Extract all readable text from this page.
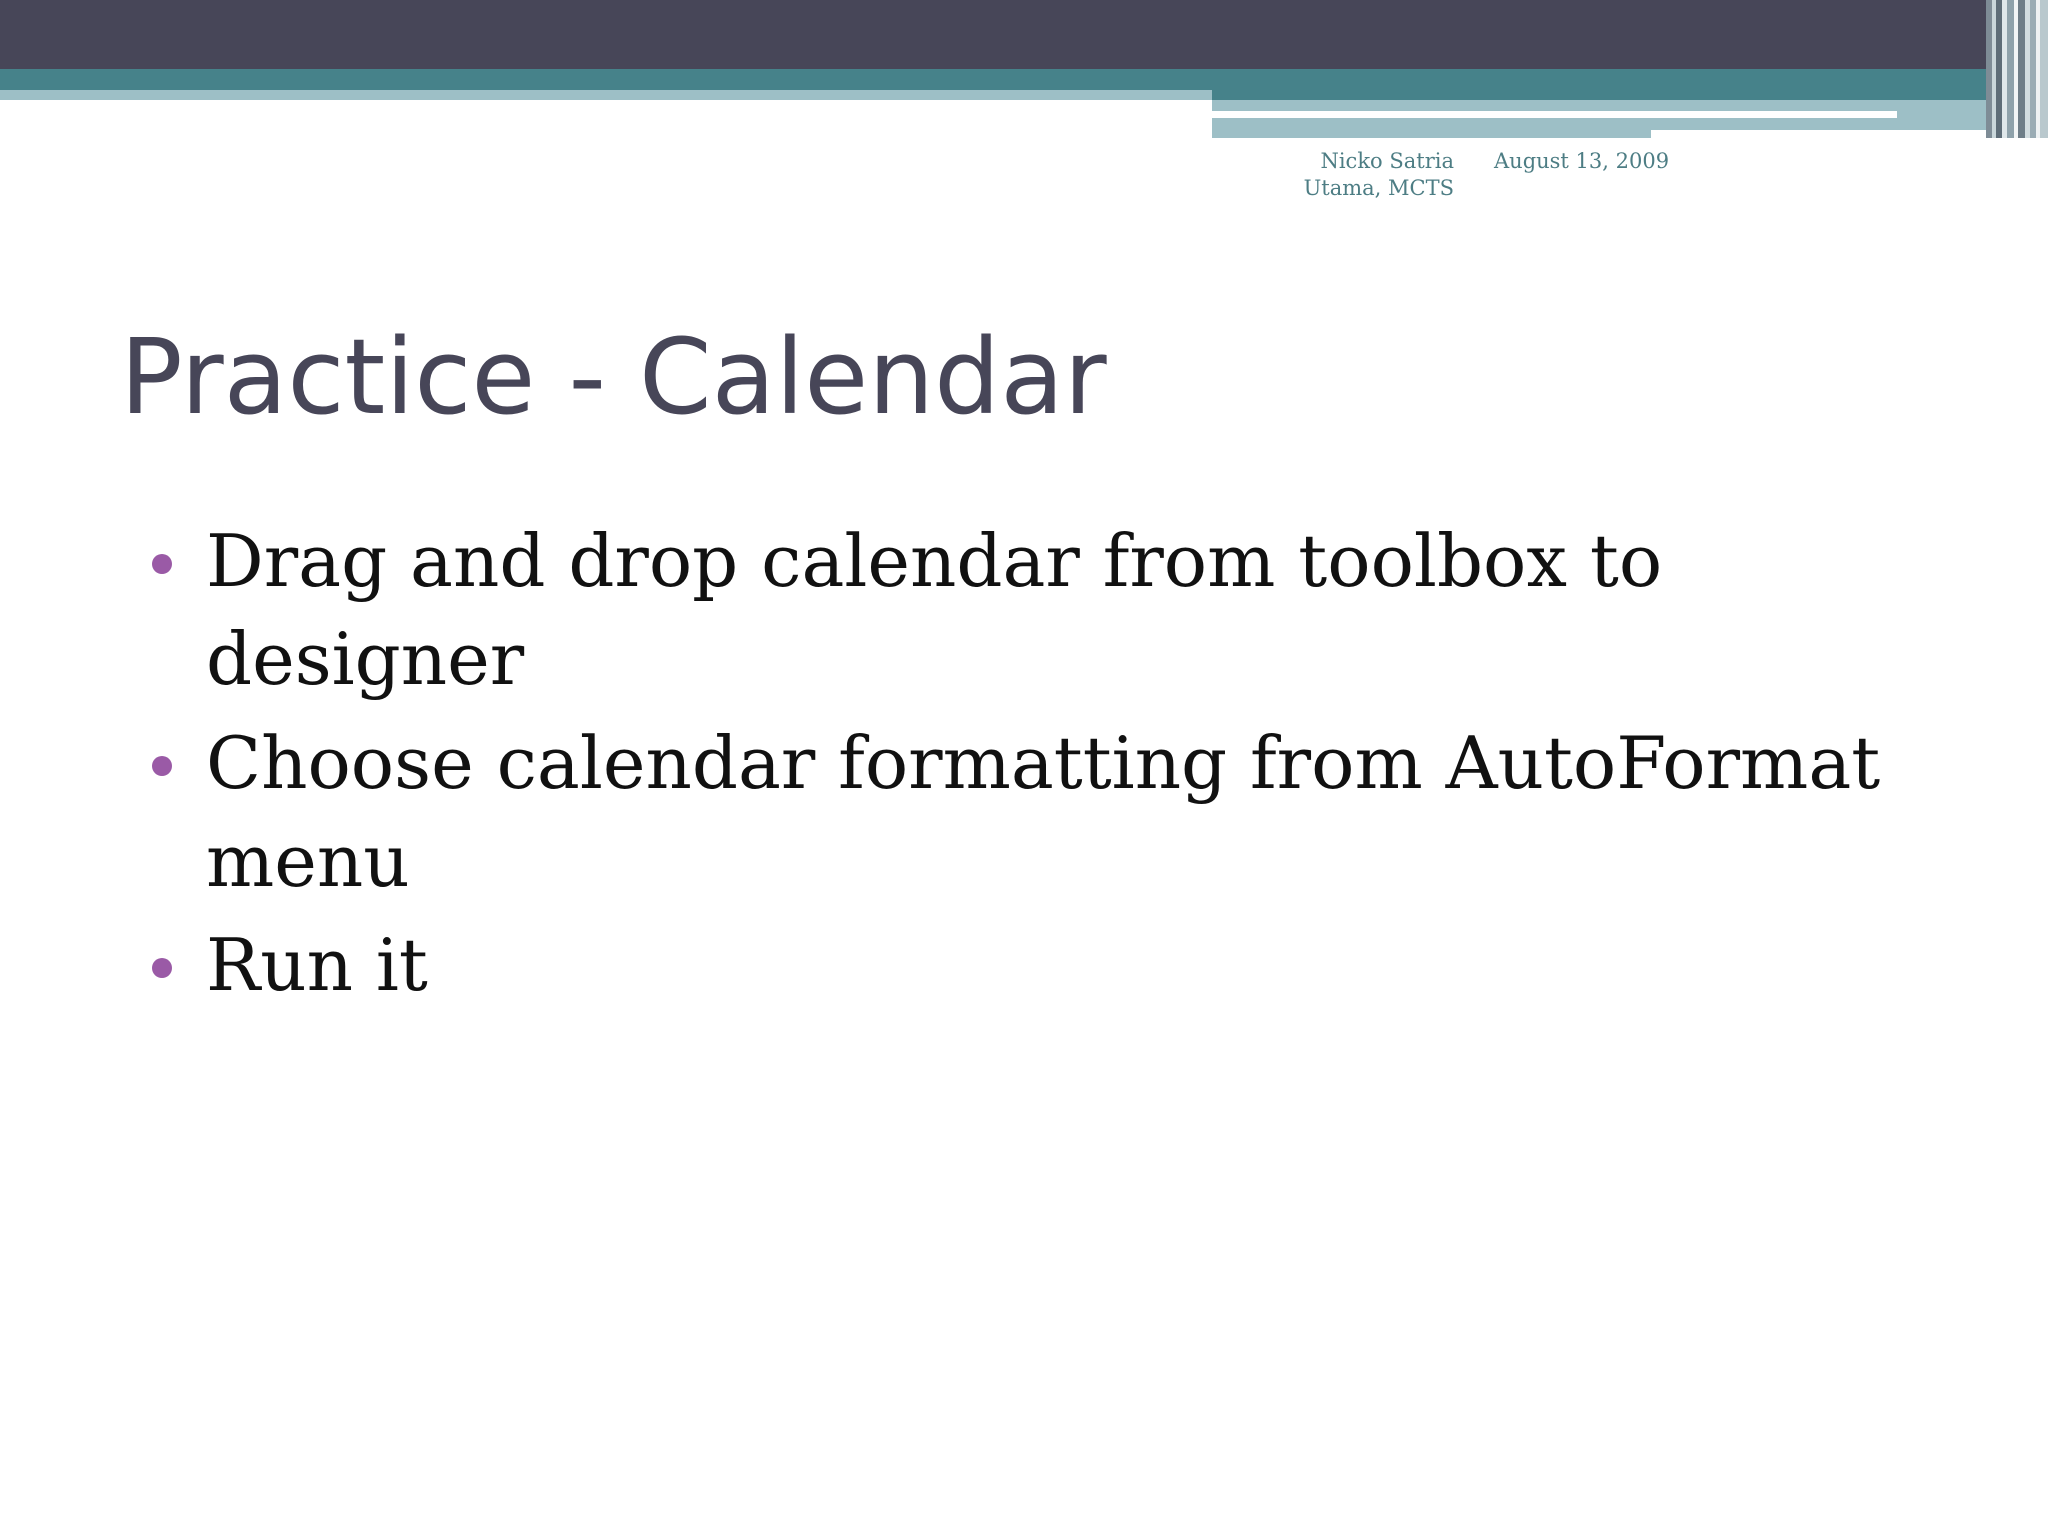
Nicko Satria
Utama, MCTS
August 13, 2009
Practice - Calendar
Drag and drop calendar from toolbox to designer
Choose calendar formatting from AutoFormat menu
Run it
